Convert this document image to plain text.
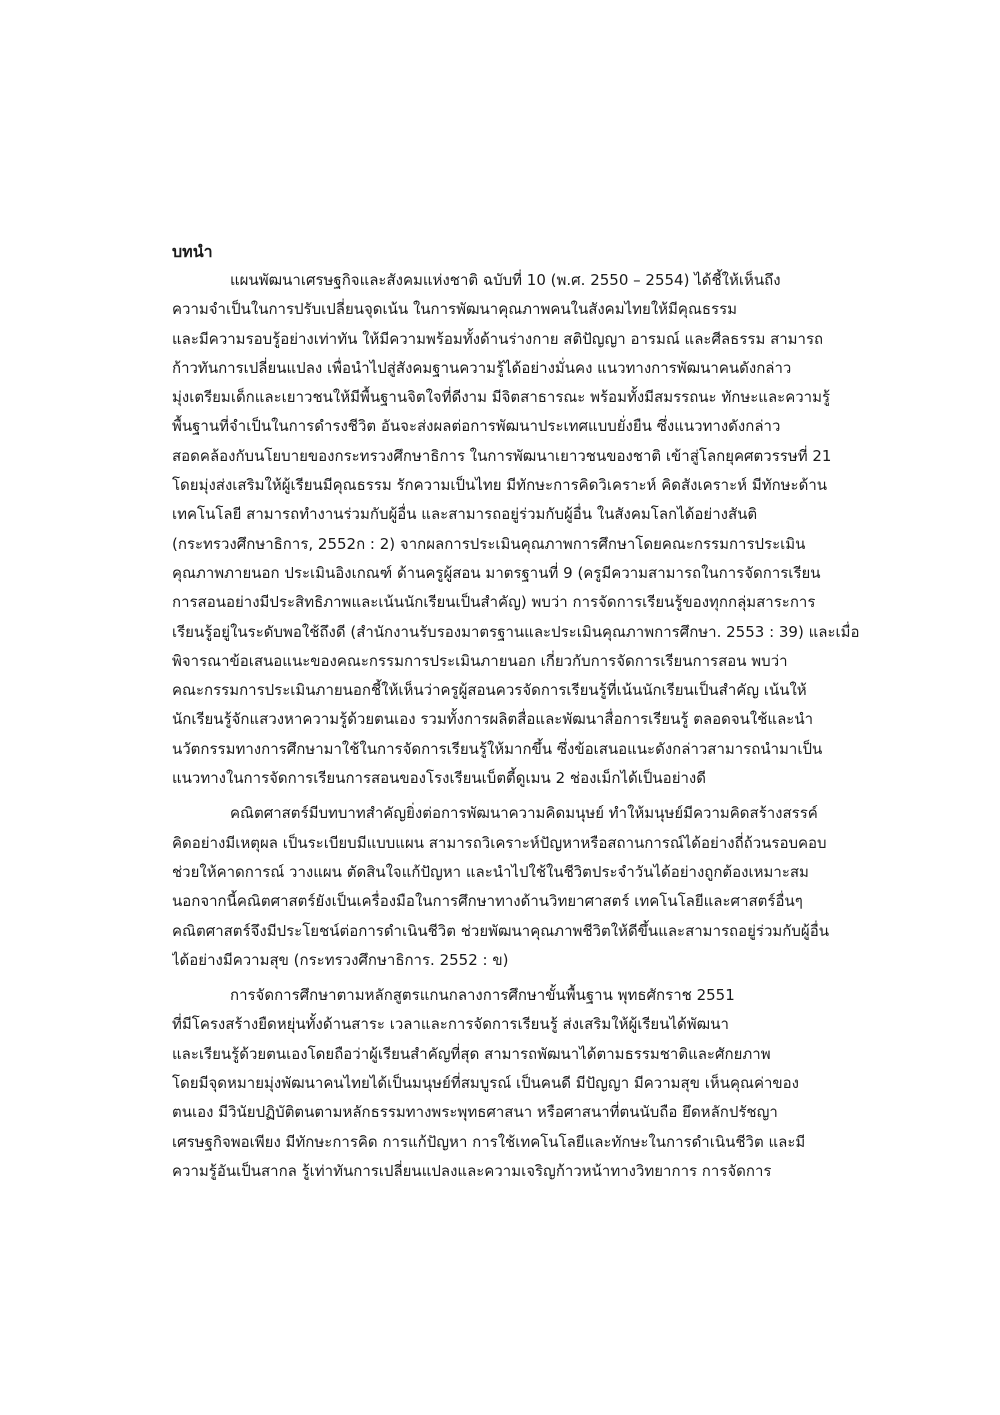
บทนำ
แผนพัฒนาเศรษฐกิจและสังคมแห่งชาติ ฉบับที่ 10 (พ.ศ. 2550 – 2554) ได้ชี้ให้เห็นถึง
ความจำเป็นในการปรับเปลี่ยนจุดเน้น ในการพัฒนาคุณภาพคนในสังคมไทยให้มีคุณธรรม
และมีความรอบรู้อย่างเท่าทัน ให้มีความพร้อมทั้งด้านร่างกาย สติปัญญา อารมณ์ และศีลธรรม สามารถ
ก้าวทันการเปลี่ยนแปลง เพื่อนำไปสู่สังคมฐานความรู้ได้อย่างมั่นคง แนวทางการพัฒนาคนดังกล่าว
มุ่งเตรียมเด็กและเยาวชนให้มีพื้นฐานจิตใจที่ดีงาม มีจิตสาธารณะ พร้อมทั้งมีสมรรถนะ ทักษะและความรู้
พื้นฐานที่จำเป็นในการดำรงชีวิต อันจะส่งผลต่อการพัฒนาประเทศแบบยั่งยืน ซึ่งแนวทางดังกล่าว
สอดคล้องกับนโยบายของกระทรวงศึกษาธิการ ในการพัฒนาเยาวชนของชาติ เข้าสู่โลกยุคศตวรรษที่ 21
โดยมุ่งส่งเสริมให้ผู้เรียนมีคุณธรรม รักความเป็นไทย มีทักษะการคิดวิเคราะห์ คิดสังเคราะห์ มีทักษะด้าน
เทคโนโลยี สามารถทำงานร่วมกับผู้อื่น และสามารถอยู่ร่วมกับผู้อื่น ในสังคมโลกได้อย่างสันติ
(กระทรวงศึกษาธิการ, 2552ก : 2) จากผลการประเมินคุณภาพการศึกษาโดยคณะกรรมการประเมิน
คุณภาพภายนอก ประเมินอิงเกณฑ์ ด้านครูผู้สอน มาตรฐานที่ 9 (ครูมีความสามารถในการจัดการเรียน
การสอนอย่างมีประสิทธิภาพและเน้นนักเรียนเป็นสำคัญ) พบว่า การจัดการเรียนรู้ของทุกกลุ่มสาระการ
เรียนรู้อยู่ในระดับพอใช้ถึงดี (สำนักงานรับรองมาตรฐานและประเมินคุณภาพการศึกษา. 2553 : 39) และเมื่อ
พิจารณาข้อเสนอแนะของคณะกรรมการประเมินภายนอก เกี่ยวกับการจัดการเรียนการสอน พบว่า
คณะกรรมการประเมินภายนอกชี้ให้เห็นว่าครูผู้สอนควรจัดการเรียนรู้ที่เน้นนักเรียนเป็นสำคัญ เน้นให้
นักเรียนรู้จักแสวงหาความรู้ด้วยตนเอง รวมทั้งการผลิตสื่อและพัฒนาสื่อการเรียนรู้ ตลอดจนใช้และนำ
นวัตกรรมทางการศึกษามาใช้ในการจัดการเรียนรู้ให้มากขึ้น ซึ่งข้อเสนอแนะดังกล่าวสามารถนำมาเป็น
แนวทางในการจัดการเรียนการสอนของโรงเรียนเบ็ตตี้ดูเมน 2 ช่องเม็กได้เป็นอย่างดี
คณิตศาสตร์มีบทบาทสำคัญยิ่งต่อการพัฒนาความคิดมนุษย์ ทำให้มนุษย์มีความคิดสร้างสรรค์
คิดอย่างมีเหตุผล เป็นระเบียบมีแบบแผน สามารถวิเคราะห์ปัญหาหรือสถานการณ์ได้อย่างถี่ถ้วนรอบคอบ
ช่วยให้คาดการณ์ วางแผน ตัดสินใจแก้ปัญหา และนำไปใช้ในชีวิตประจำวันได้อย่างถูกต้องเหมาะสม
นอกจากนี้คณิตศาสตร์ยังเป็นเครื่องมือในการศึกษาทางด้านวิทยาศาสตร์ เทคโนโลยีและศาสตร์อื่นๆ
คณิตศาสตร์จึงมีประโยชน์ต่อการดำเนินชีวิต ช่วยพัฒนาคุณภาพชีวิตให้ดีขึ้นและสามารถอยู่ร่วมกับผู้อื่น
ได้อย่างมีความสุข (กระทรวงศึกษาธิการ. 2552 : ข)
การจัดการศึกษาตามหลักสูตรแกนกลางการศึกษาขั้นพื้นฐาน พุทธศักราช 2551
ที่มีโครงสร้างยืดหยุ่นทั้งด้านสาระ เวลาและการจัดการเรียนรู้ ส่งเสริมให้ผู้เรียนได้พัฒนา
และเรียนรู้ด้วยตนเองโดยถือว่าผู้เรียนสำคัญที่สุด สามารถพัฒนาได้ตามธรรมชาติและศักยภาพ
โดยมีจุดหมายมุ่งพัฒนาคนไทยได้เป็นมนุษย์ที่สมบูรณ์ เป็นคนดี มีปัญญา มีความสุข เห็นคุณค่าของ
ตนเอง มีวินัยปฏิบัติตนตามหลักธรรมทางพระพุทธศาสนา หรือศาสนาที่ตนนับถือ ยึดหลักปรัชญา
เศรษฐกิจพอเพียง มีทักษะการคิด การแก้ปัญหา การใช้เทคโนโลยีและทักษะในการดำเนินชีวิต และมี
ความรู้อันเป็นสากล รู้เท่าทันการเปลี่ยนแปลงและความเจริญก้าวหน้าทางวิทยาการ การจัดการ
